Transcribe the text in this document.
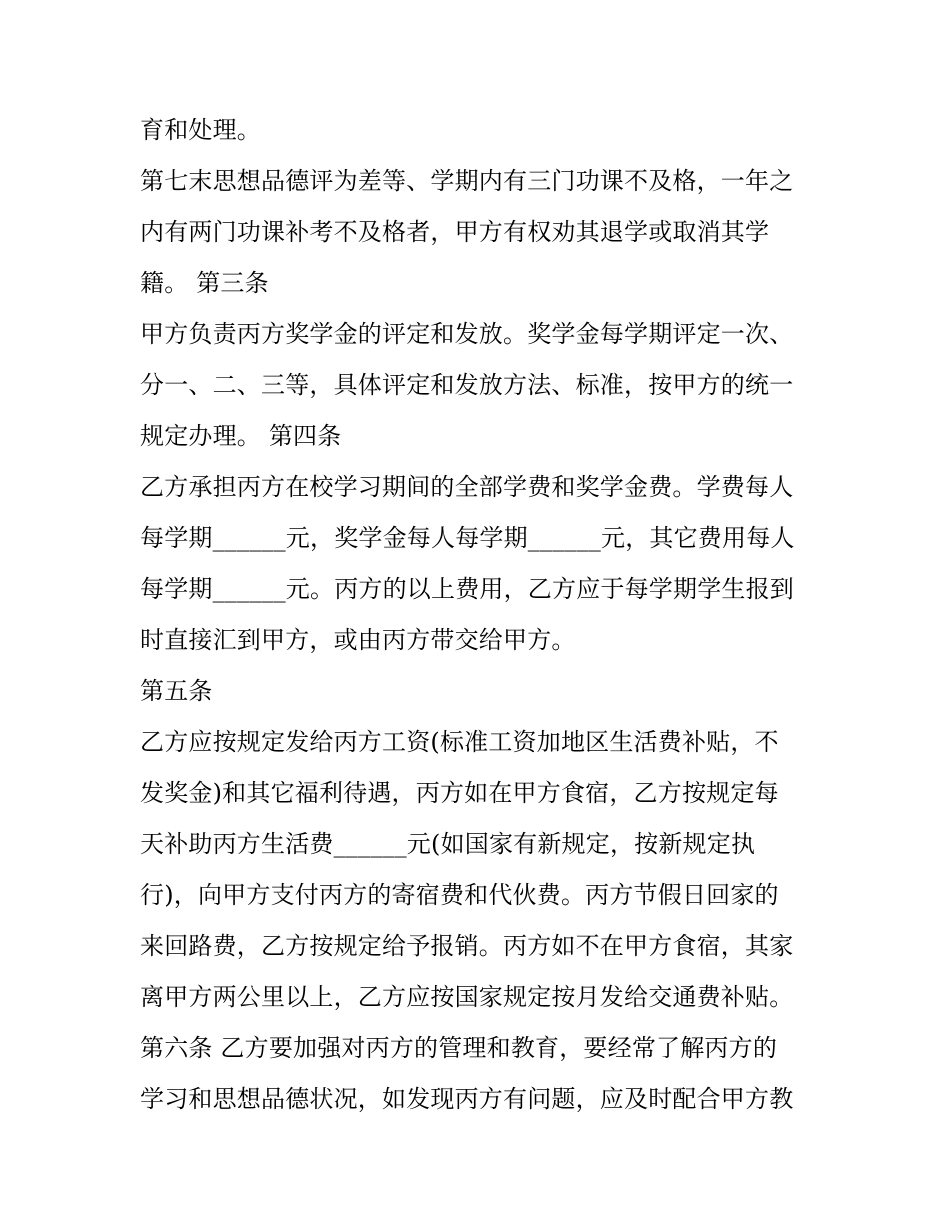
育和处理。
第七末思想品德评为差等、学期内有三门功课不及格，一年之
内有两门功课补考不及格者，甲方有权劝其退学或取消其学
籍。 第三条
甲方负责丙方奖学金的评定和发放。奖学金每学期评定一次、
分一、二、三等，具体评定和发放方法、标准，按甲方的统一
规定办理。 第四条
乙方承担丙方在校学习期间的全部学费和奖学金费。学费每人
每学期______元，奖学金每人每学期______元，其它费用每人
每学期______元。丙方的以上费用，乙方应于每学期学生报到
时直接汇到甲方，或由丙方带交给甲方。
第五条
乙方应按规定发给丙方工资(标准工资加地区生活费补贴，不
发奖金)和其它福利待遇，丙方如在甲方食宿，乙方按规定每
天补助丙方生活费______元(如国家有新规定，按新规定执
行)，向甲方支付丙方的寄宿费和代伙费。丙方节假日回家的
来回路费，乙方按规定给予报销。丙方如不在甲方食宿，其家
离甲方两公里以上，乙方应按国家规定按月发给交通费补贴。
第六条 乙方要加强对丙方的管理和教育，要经常了解丙方的
学习和思想品德状况，如发现丙方有问题，应及时配合甲方教
